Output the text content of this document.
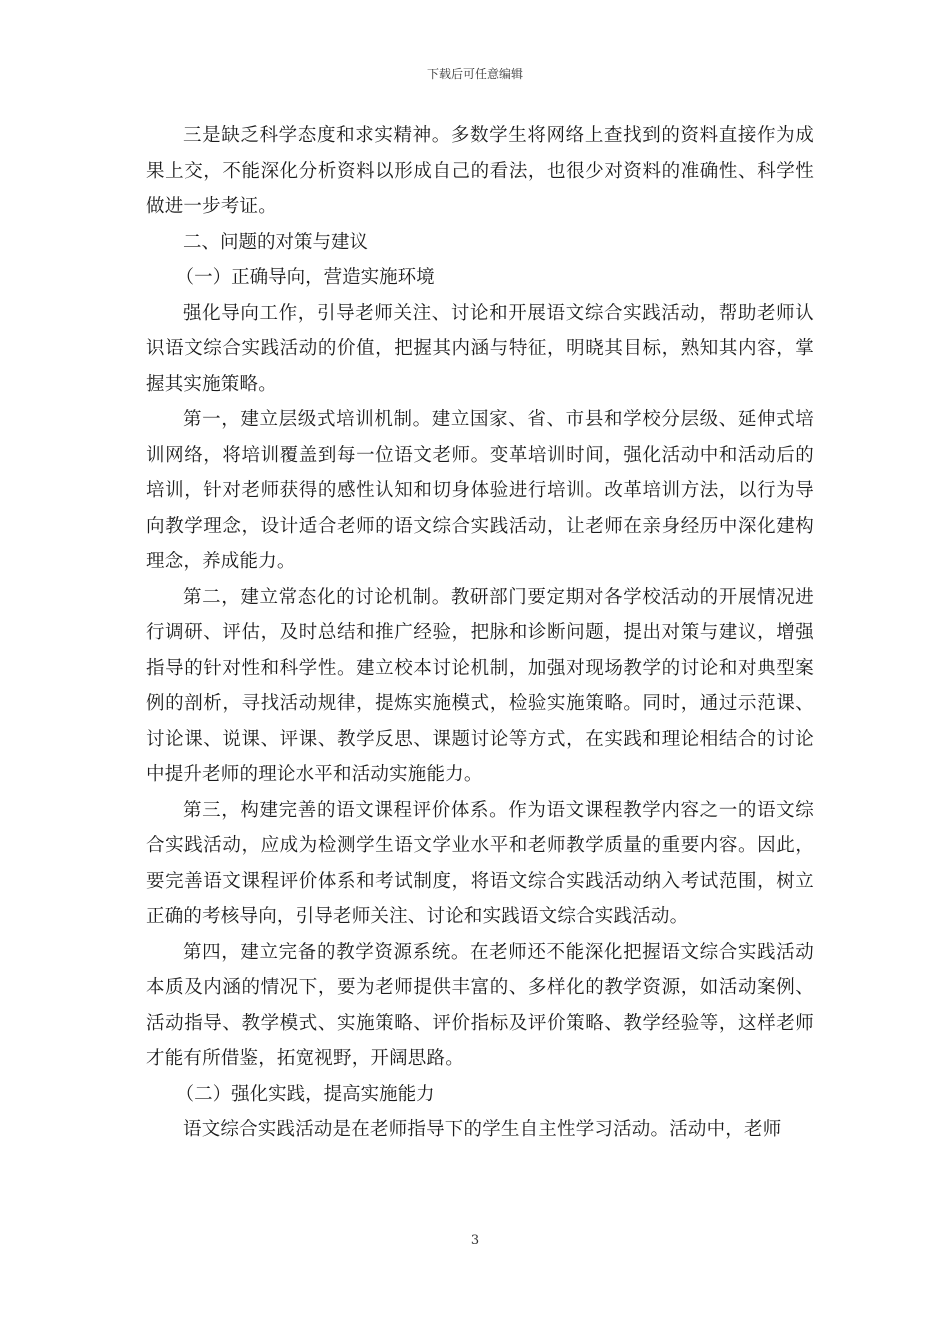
下载后可任意编辑

三是缺乏科学态度和求实精神。多数学生将网络上查找到的资料直接作为成果上交，不能深化分析资料以形成自己的看法，也很少对资料的准确性、科学性做进一步考证。

二、问题的对策与建议

（一）正确导向，营造实施环境

强化导向工作，引导老师关注、讨论和开展语文综合实践活动，帮助老师认识语文综合实践活动的价值，把握其内涵与特征，明晓其目标，熟知其内容，掌握其实施策略。

第一，建立层级式培训机制。建立国家、省、市县和学校分层级、延伸式培训网络，将培训覆盖到每一位语文老师。变革培训时间，强化活动中和活动后的培训，针对老师获得的感性认知和切身体验进行培训。改革培训方法，以行为导向教学理念，设计适合老师的语文综合实践活动，让老师在亲身经历中深化建构理念，养成能力。

第二，建立常态化的讨论机制。教研部门要定期对各学校活动的开展情况进行调研、评估，及时总结和推广经验，把脉和诊断问题，提出对策与建议，增强指导的针对性和科学性。建立校本讨论机制，加强对现场教学的讨论和对典型案例的剖析，寻找活动规律，提炼实施模式，检验实施策略。同时，通过示范课、讨论课、说课、评课、教学反思、课题讨论等方式，在实践和理论相结合的讨论中提升老师的理论水平和活动实施能力。

第三，构建完善的语文课程评价体系。作为语文课程教学内容之一的语文综合实践活动，应成为检测学生语文学业水平和老师教学质量的重要内容。因此，要完善语文课程评价体系和考试制度，将语文综合实践活动纳入考试范围，树立正确的考核导向，引导老师关注、讨论和实践语文综合实践活动。

第四，建立完备的教学资源系统。在老师还不能深化把握语文综合实践活动本质及内涵的情况下，要为老师提供丰富的、多样化的教学资源，如活动案例、活动指导、教学模式、实施策略、评价指标及评价策略、教学经验等，这样老师才能有所借鉴，拓宽视野，开阔思路。

（二）强化实践，提高实施能力

语文综合实践活动是在老师指导下的学生自主性学习活动。活动中，老师

3
